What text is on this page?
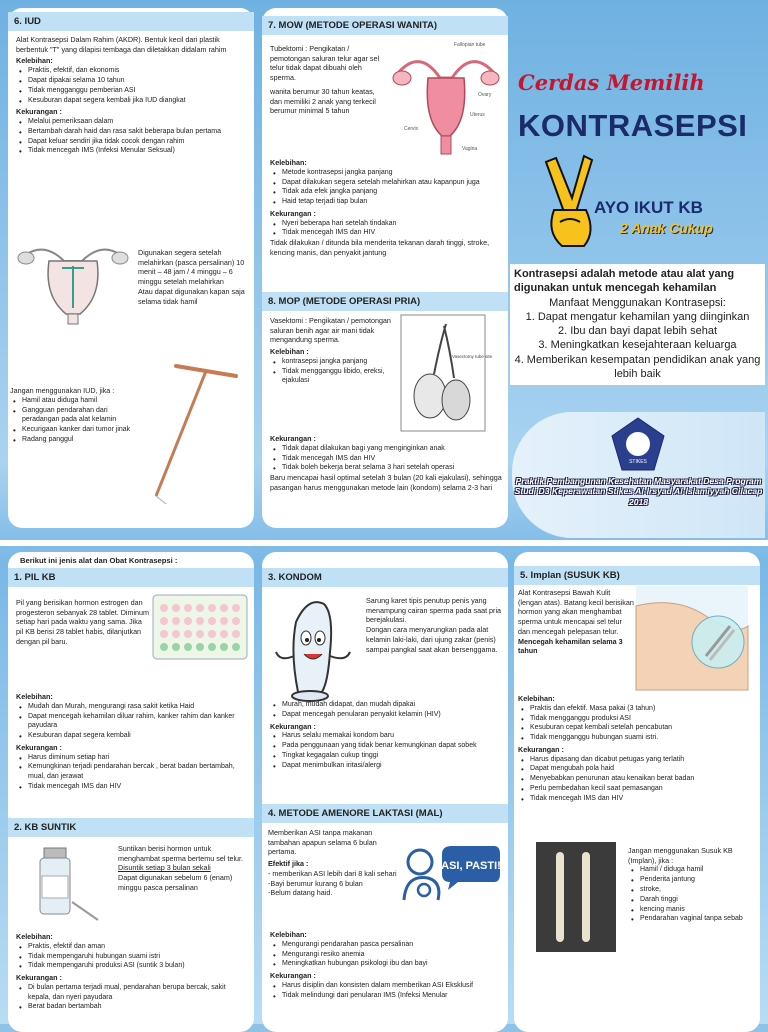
6. IUD
Alat Kontrasepsi Dalam Rahim (AKDR). Bentuk kecil dari plastik berbentuk "T" yang dilapisi tembaga dan diletakkan didalam rahim
Kelebihan:
• Praktis, efektif, dan ekonomis
• Dapat dipakai selama 10 tahun
• Tidak mengganggu pemberian ASI
• Kesuburan dapat segera kembali jika IUD diangkat
Kekurangan :
• Melalui pemeriksaan dalam
• Bertambah darah haid dan rasa sakit beberapa bulan pertama
• Dapat keluar sendiri jika tidak cocok dengan rahim
• Tidak mencegah IMS (Infeksi Menular Seksual)
Digunakan segera setelah melahirkan (pasca persalinan) 10 menit – 48 jam / 4 minggu – 6 minggu setelah melahirkan
Atau dapat digunakan kapan saja selama tidak hamil
Jangan menggunakan IUD, jika :
• Hamil atau diduga hamil
• Gangguan pendarahan dari peradangan pada alat kelamin
• Kecurigaan kanker dari tumor jinak
• Radang panggul
7. MOW (METODE OPERASI WANITA)
Tubektomi : Pengikatan / pemotongan saluran telur agar sel telur tidak dapat dibuahi oleh sperma.
wanita berumur 30 tahun keatas, dan memiliki 2 anak yang terkecil berumur minimal 5 tahun
Fallopian tube
Uterus
Ovary
Cervix
Vagina
Kelebihan:
• Metode kontrasepsi jangka panjang
• Dapat dilakukan segera setelah melahirkan atau kapanpun juga
• Tidak ada efek jangka panjang
• Haid tetap terjadi tiap bulan
Kekurangan :
• Nyeri beberapa hari setelah tindakan
• Tidak mencegah IMS dan HIV
Tidak dilakukan / ditunda bila menderita tekanan darah tinggi, stroke, kencing manis, dan penyakit jantung
8. MOP (METODE OPERASI PRIA)
Vasektomi : Pengikatan / pemotongan saluran benih agar air mani tidak mengandung sperma.
Kelebihan :
• kontrasepsi jangka panjang
• Tidak mengganggu libido, ereksi, ejakulasi
Vasectomy tube site
Kekurangan :
• Tidak dapat dilakukan bagi yang menginginkan anak
• Tidak mencegah IMS dan HIV
• Tidak boleh bekerja berat selama 3 hari setelah operasi
Baru mencapai hasil optimal setelah 3 bulan (20 kali ejakulasi), sehingga pasangan harus menggunakan metode lain (kondom) selama 2-3 hari
Cerdas Memilih
KONTRASEPSI
AYO IKUT KB
2 Anak Cukup
Kontrasepsi adalah metode atau alat yang digunakan untuk mencegah kehamilan
Manfaat Menggunakan Kontrasepsi:
1. Dapat mengatur kehamilan yang diinginkan
2. Ibu dan bayi dapat lebih sehat
3. Meningkatkan kesejahteraan keluarga
4. Memberikan kesempatan pendidikan anak yang lebih baik
STIKES
Praktik Pembangunan Kesehatan Masyarakat Desa Program Studi D3 Keperawatan Stikes Al-Irsyad Al-Islamiyyah Cilacap 2018
Berikut ini jenis alat dan Obat Kontrasepsi :
1. PIL KB
Pil yang berisikan hormon estrogen dan progesteron sebanyak 28 tablet. Diminum setiap hari pada waktu yang sama. Jika pil KB berisi 28 tablet habis, dilanjutkan dengan pil baru.
Kelebihan:
• Mudah dan Murah, mengurangi rasa sakit ketika Haid
• Dapat mencegah kehamilan diluar rahim, kanker rahim dan kanker payudara
• Kesuburan dapat segera kembali
Kekurangan :
• Harus diminum setiap hari
• Kemungkinan terjadi pendarahan bercak , berat badan bertambah, mual, dan jerawat
• Tidak mencegah IMS dan HIV
2. KB SUNTIK
Suntikan berisi hormon untuk menghambat sperma bertemu sel telur.
Disuntik setiap 3 bulan sekali
Dapat digunakan sebelum 6 (enam) minggu pasca persalinan
Kelebihan:
• Praktis, efektif dan aman
• Tidak mempengaruhi hubungan suami istri
• Tidak mempengaruhi produksi ASI (suntik 3 bulan)
Kekurangan :
• Di bulan pertama terjadi mual, pendarahan berupa bercak, sakit kepala, dan nyeri payudara
• Berat badan bertambah
3. KONDOM
Sarung karet tipis penutup penis yang menampung cairan sperma pada saat pria berejakulasi.
Dongan cara menyarungkan pada alat kelamin laki-laki, dari ujung zakar (penis) sampai pangkal saat akan bersenggama.
• Murah, mudah didapat, dan mudah dipakai
• Dapat mencegah penularan penyakit kelamin (HIV)
Kekurangan :
• Harus selalu memakai kondom baru
• Pada penggunaan yang tidak benar kemungkinan dapat sobek
• Tingkat kegagalan cukup tinggi
• Dapat menimbulkan iritasi/alergi
4. METODE AMENORE LAKTASI (MAL)
Memberikan ASI tanpa makanan tambahan apapun selama 6 bulan pertama.
Efektif jika :
- memberikan ASI lebih dari 8 kali sehari
-Bayi berumur kurang 6 bulan
-Belum datang haid.
ASI, PASTI!
Kelebihan:
• Mengurangi pendarahan pasca persalinan
• Mengurangi resiko anemia
• Meningkatkan hubungan psikologi ibu dan bayi
Kekurangan :
• Harus disiplin dan konsisten dalam memberikan ASI Eksklusif
• Tidak melindungi dari penularan IMS (Infeksi Menular
5. Implan (SUSUK KB)
Alat Kontrasepsi Bawah Kulit (lengan atas). Batang kecil berisikan hormon yang akan menghambat sperma untuk mencapai sel telur dan mencegah pelepasan telur.
Mencegah kehamilan selama 3 tahun
Kelebihan:
• Praktis dan efektif. Masa pakai (3 tahun)
• Tidak mengganggu produksi ASI
• Kesuburan cepat kembali setelah pencabutan
• Tidak mengganggu hubungan suami istri.
Kekurangan :
• Harus dipasang dan dicabut petugas yang terlatih
• Dapat mengubah pola haid
• Menyebabkan penurunan atau kenaikan berat badan
• Perlu pembedahan kecil saat pemasangan
• Tidak mencegah IMS dan HIV
Jangan menggunakan Susuk KB (Implan), jika :
• Hamil / diduga hamil
• Penderita jantung
• stroke,
• Darah tinggi
• kencing manis
• Pendarahan vaginal tanpa sebab
